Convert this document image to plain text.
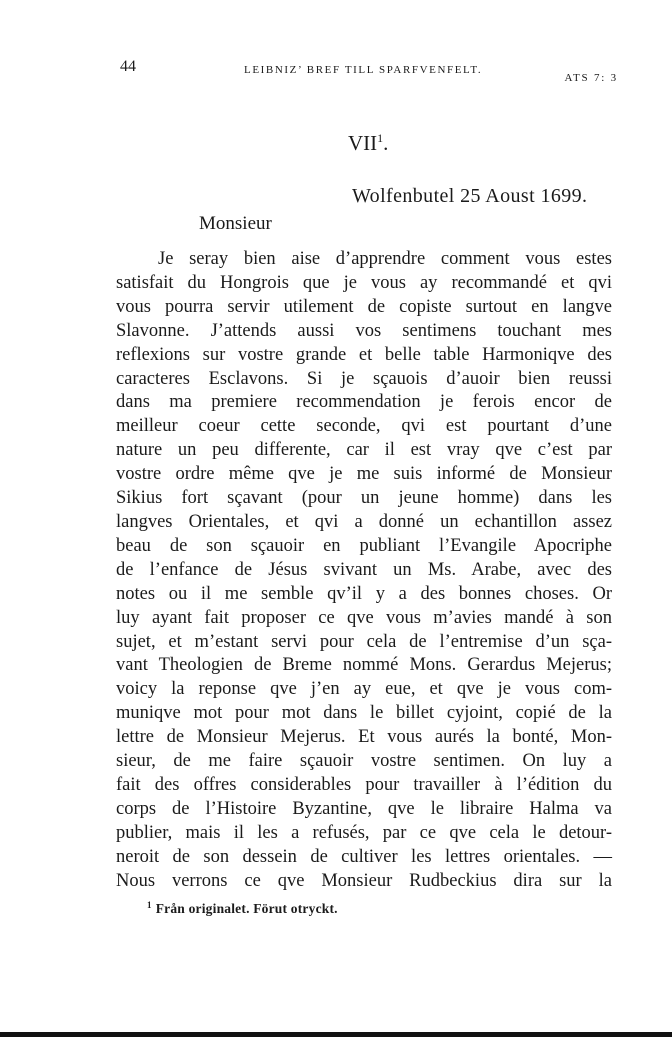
44	LEIBNIZ’ BREF TILL SPARFVENFELT.
ATS 7: 3
VII$^1$.
Wolfenbutel 25 Aoust 1699.
Monsieur
Je seray bien aise d’apprendre comment vous estes
satisfait du Hongrois que je vous ay recommandé et qvi
vous pourra servir utilement de copiste surtout en langve
Slavonne. J’attends aussi vos sentimens touchant mes
reflexions sur vostre grande et belle table Harmoniqve des
caracteres Esclavons. Si je sçauois d’auoir bien reussi
dans ma premiere recommendation je ferois encor de
meilleur coeur cette seconde, qvi est pourtant d’une
nature un peu differente, car il est vray qve c’est par
vostre ordre même qve je me suis informé de Monsieur
Sikius fort sçavant (pour un jeune homme) dans les
langves Orientales, et qvi a donné un echantillon assez
beau de son sçauoir en publiant l’Evangile Apocriphe
de l’enfance de Jésus svivant un Ms. Arabe, avec des
notes ou il me semble qv’il y a des bonnes choses. Or
luy ayant fait proposer ce qve vous m’avies mandé à son
sujet, et m’estant servi pour cela de l’entremise d’un sça-
vant Theologien de Breme nommé Mons. Gerardus Mejerus;
voicy la reponse qve j’en ay eue, et qve je vous com-
muniqve mot pour mot dans le billet cyjoint, copié de la
lettre de Monsieur Mejerus. Et vous aurés la bonté, Mon-
sieur, de me faire sçauoir vostre sentimen. On luy a
fait des offres considerables pour travailler à l’édition du
corps de l’Histoire Byzantine, qve le libraire Halma va
publier, mais il les a refusés, par ce qve cela le detour-
neroit de son dessein de cultiver les lettres orientales. —
Nous verrons ce qve Monsieur Rudbeckius dira sur la
$^1$ Från originalet. Förut otryckt.
